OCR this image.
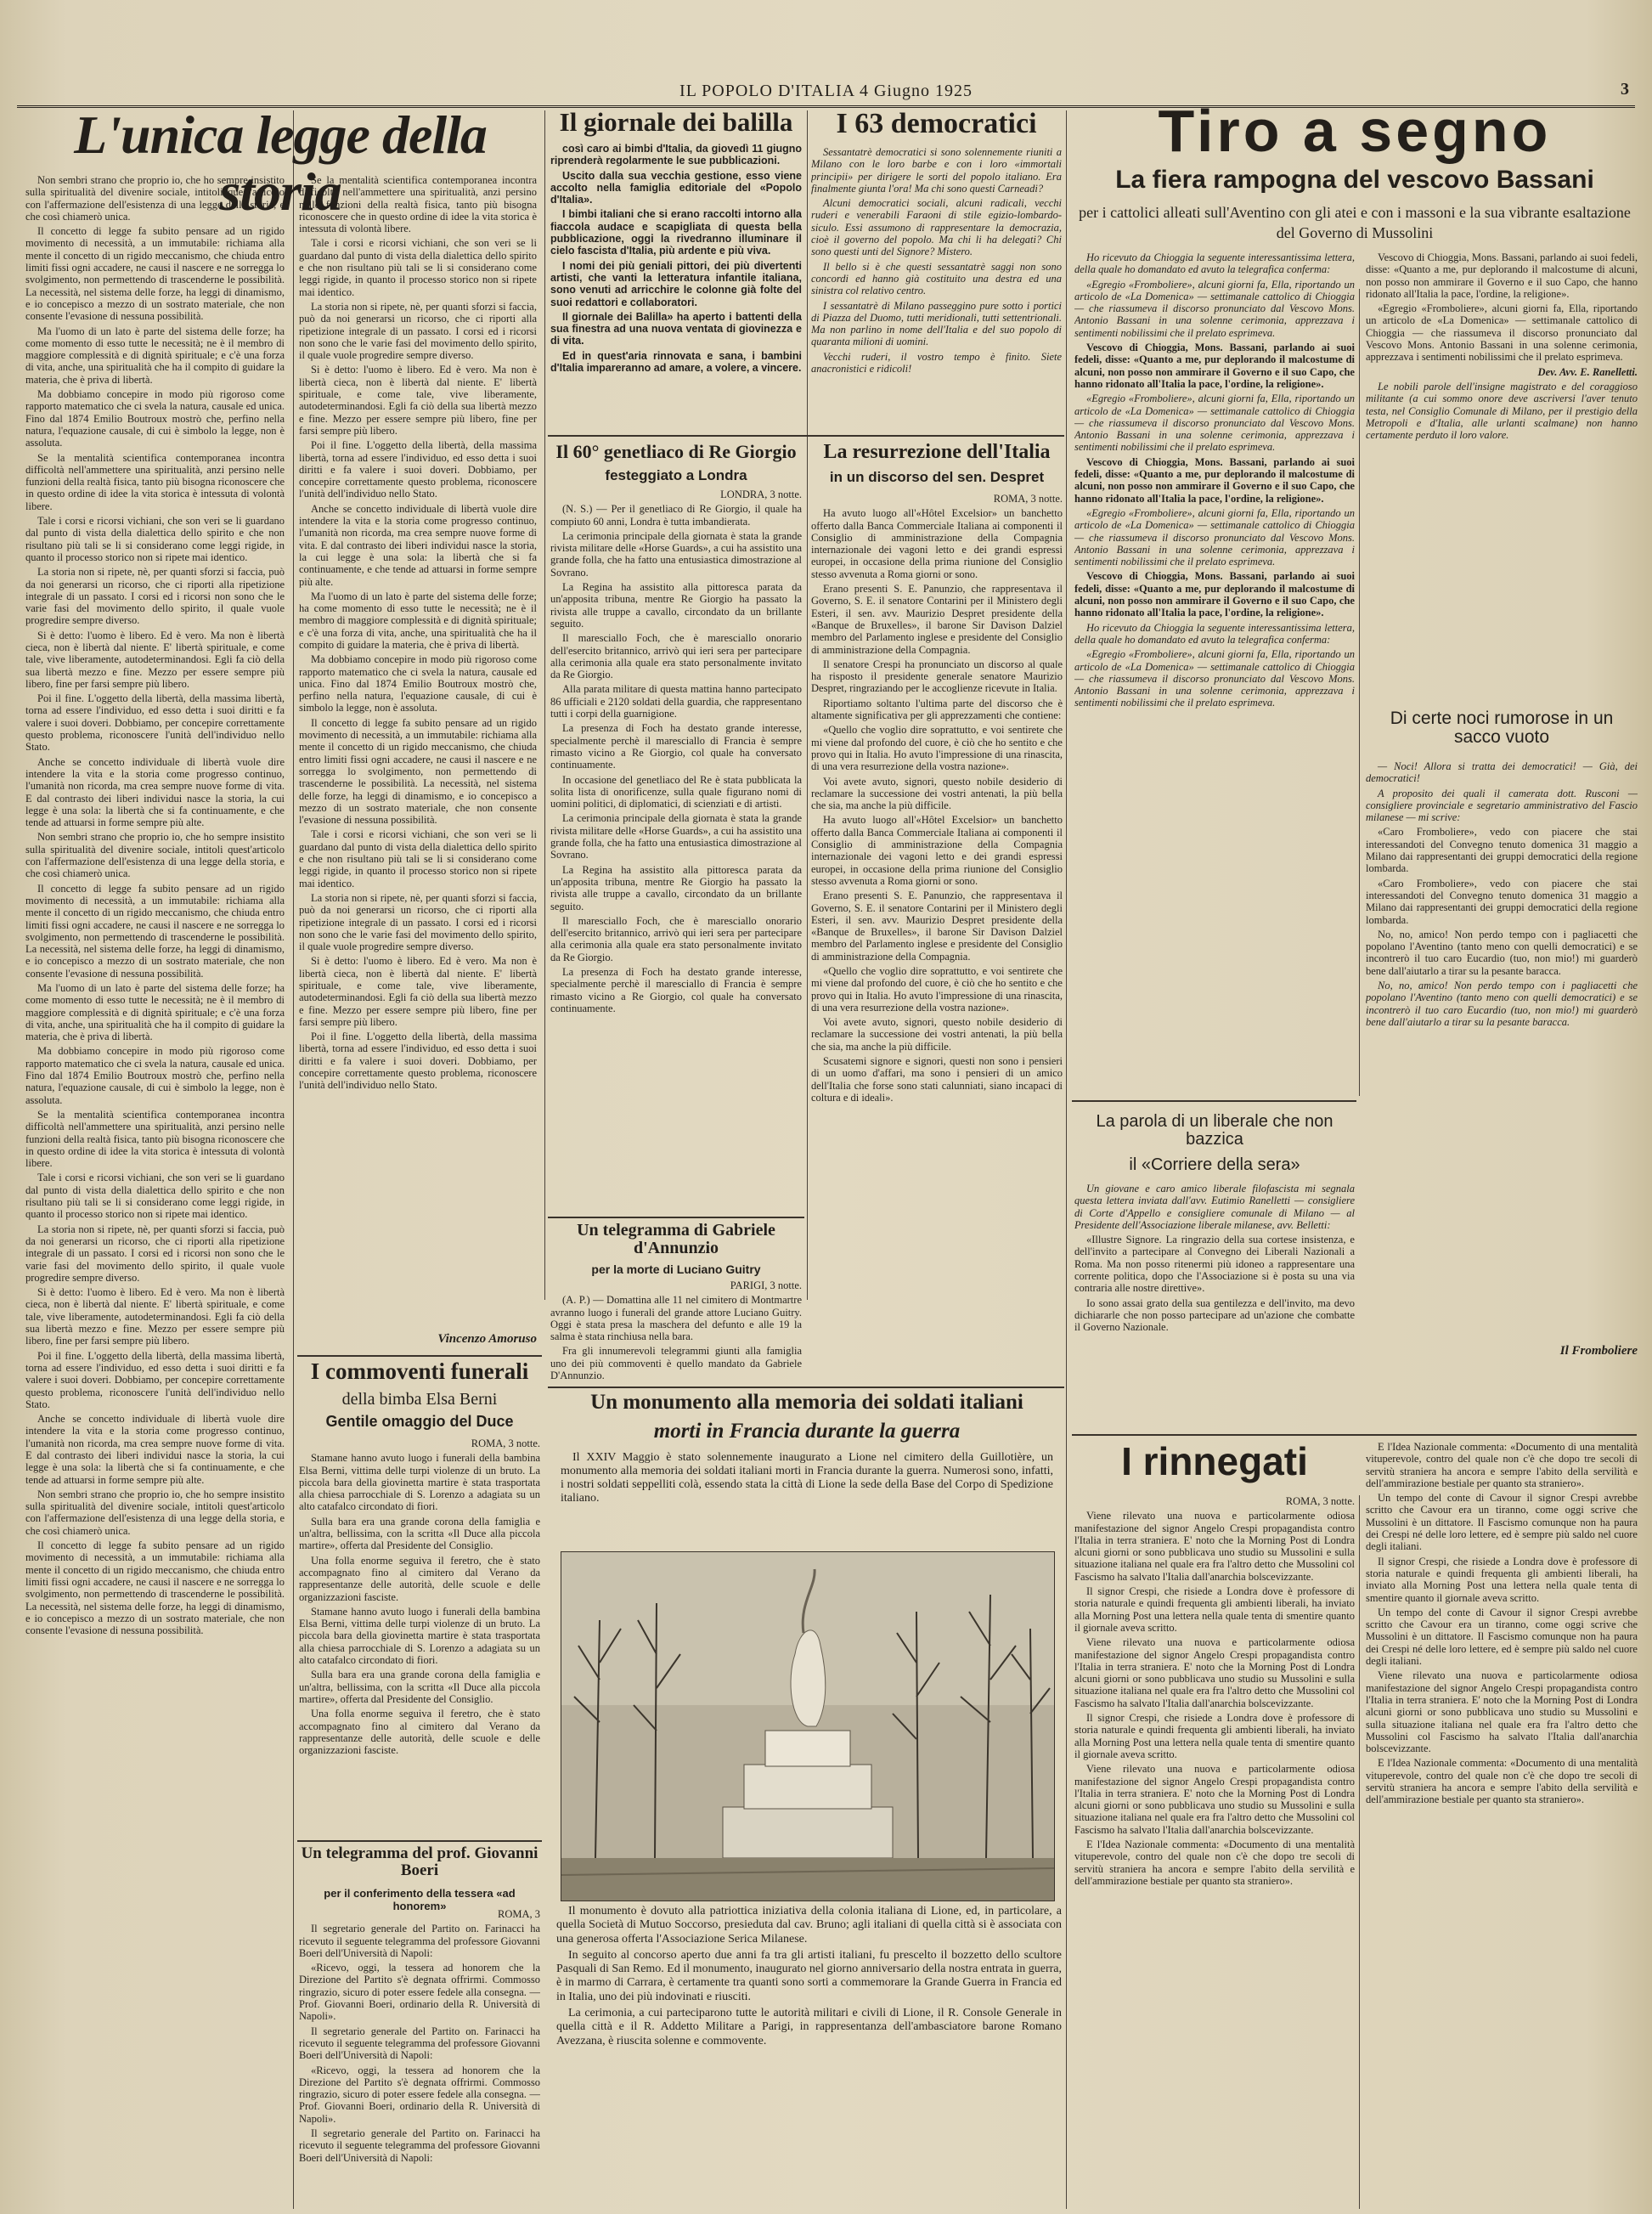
IL POPOLO D'ITALIA 4 Giugno 1925	3
L'unica legge della storia

Non sembri strano che proprio io, che ho sempre insistito sulla spiritualità del divenire sociale, intitoli quest'articolo con l'affermazione dell'esistenza di una legge della storia, e che così chiamerò unica.

Il concetto di legge fa subito pensare ad un rigido movimento di necessità, a un immutabile: richiama alla mente il concetto di un rigido meccanismo, che chiuda entro limiti fissi ogni accadere, ne causi il nascere e ne sorregga lo svolgimento, non permettendo di trascenderne le possibilità. La necessità, nel sistema delle forze, ha leggi di dinamismo, e io concepisco a mezzo di un sostrato materiale, che non consente l'evasione di nessuna possibilità.

Ma l'uomo di un lato è parte del sistema delle forze; ha come momento di esso tutte le necessità; ne è il membro di maggiore complessità e di dignità spirituale; e c'è una forza di vita, anche, una spiritualità che ha il compito di guidare la materia, che è priva di libertà.

Ma dobbiamo concepire in modo più rigoroso come rapporto matematico che ci svela la natura, causale ed unica. Fino dal 1874 Emilio Boutroux mostrò che, perfino nella natura, l'equazione causale, di cui è simbolo la legge, non è assoluta.

Se la mentalità scientifica contemporanea incontra difficoltà nell'ammettere una spiritualità, anzi persino nelle funzioni della realtà fisica, tanto più bisogna riconoscere che in questo ordine di idee la vita storica è intessuta di volontà libere.

Tale i corsi e ricorsi vichiani, che son veri se li guardano dal punto di vista della dialettica dello spirito e che non risultano più tali se li si considerano come leggi rigide, in quanto il processo storico non si ripete mai identico.

La storia non si ripete, nè, per quanti sforzi si faccia, può da noi generarsi un ricorso, che ci riporti alla ripetizione integrale di un passato. I corsi ed i ricorsi non sono che le varie fasi del movimento dello spirito, il quale vuole progredire sempre diverso.

Si è detto: l'uomo è libero. Ed è vero. Ma non è libertà cieca, non è libertà dal niente. E' libertà spirituale, e come tale, vive liberamente, autodeterminandosi. Egli fa ciò della sua libertà mezzo e fine. Mezzo per essere sempre più libero, fine per farsi sempre più libero.

Poi il fine. L'oggetto della libertà, della massima libertà, torna ad essere l'individuo, ed esso detta i suoi diritti e fa valere i suoi doveri. Dobbiamo, per concepire correttamente questo problema, riconoscere l'unità dell'individuo nello Stato.

Anche se concetto individuale di libertà vuole dire intendere la vita e la storia come progresso continuo, l'umanità non ricorda, ma crea sempre nuove forme di vita. E dal contrasto dei liberi individui nasce la storia, la cui legge è una sola: la libertà che si fa continuamente, e che tende ad attuarsi in forme sempre più alte.

Non sembri strano che proprio io, che ho sempre insistito sulla spiritualità del divenire sociale, intitoli quest'articolo con l'affermazione dell'esistenza di una legge della storia, e che così chiamerò unica.

Il concetto di legge fa subito pensare ad un rigido movimento di necessità, a un immutabile: richiama alla mente il concetto di un rigido meccanismo, che chiuda entro limiti fissi ogni accadere, ne causi il nascere e ne sorregga lo svolgimento, non permettendo di trascenderne le possibilità. La necessità, nel sistema delle forze, ha leggi di dinamismo, e io concepisco a mezzo di un sostrato materiale, che non consente l'evasione di nessuna possibilità.

Ma l'uomo di un lato è parte del sistema delle forze; ha come momento di esso tutte le necessità; ne è il membro di maggiore complessità e di dignità spirituale; e c'è una forza di vita, anche, una spiritualità che ha il compito di guidare la materia, che è priva di libertà.

Ma dobbiamo concepire in modo più rigoroso come rapporto matematico che ci svela la natura, causale ed unica. Fino dal 1874 Emilio Boutroux mostrò che, perfino nella natura, l'equazione causale, di cui è simbolo la legge, non è assoluta.

Se la mentalità scientifica contemporanea incontra difficoltà nell'ammettere una spiritualità, anzi persino nelle funzioni della realtà fisica, tanto più bisogna riconoscere che in questo ordine di idee la vita storica è intessuta di volontà libere.

Tale i corsi e ricorsi vichiani, che son veri se li guardano dal punto di vista della dialettica dello spirito e che non risultano più tali se li si considerano come leggi rigide, in quanto il processo storico non si ripete mai identico.

La storia non si ripete, nè, per quanti sforzi si faccia, può da noi generarsi un ricorso, che ci riporti alla ripetizione integrale di un passato. I corsi ed i ricorsi non sono che le varie fasi del movimento dello spirito, il quale vuole progredire sempre diverso.

Si è detto: l'uomo è libero. Ed è vero. Ma non è libertà cieca, non è libertà dal niente. E' libertà spirituale, e come tale, vive liberamente, autodeterminandosi. Egli fa ciò della sua libertà mezzo e fine. Mezzo per essere sempre più libero, fine per farsi sempre più libero.

Poi il fine. L'oggetto della libertà, della massima libertà, torna ad essere l'individuo, ed esso detta i suoi diritti e fa valere i suoi doveri. Dobbiamo, per concepire correttamente questo problema, riconoscere l'unità dell'individuo nello Stato.

Anche se concetto individuale di libertà vuole dire intendere la vita e la storia come progresso continuo, l'umanità non ricorda, ma crea sempre nuove forme di vita. E dal contrasto dei liberi individui nasce la storia, la cui legge è una sola: la libertà che si fa continuamente, e che tende ad attuarsi in forme sempre più alte.

Non sembri strano che proprio io, che ho sempre insistito sulla spiritualità del divenire sociale, intitoli quest'articolo con l'affermazione dell'esistenza di una legge della storia, e che così chiamerò unica.

Il concetto di legge fa subito pensare ad un rigido movimento di necessità, a un immutabile: richiama alla mente il concetto di un rigido meccanismo, che chiuda entro limiti fissi ogni accadere, ne causi il nascere e ne sorregga lo svolgimento, non permettendo di trascenderne le possibilità. La necessità, nel sistema delle forze, ha leggi di dinamismo, e io concepisco a mezzo di un sostrato materiale, che non consente l'evasione di nessuna possibilità.

Se la mentalità scientifica contemporanea incontra difficoltà nell'ammettere una spiritualità, anzi persino nelle funzioni della realtà fisica, tanto più bisogna riconoscere che in questo ordine di idee la vita storica è intessuta di volontà libere.

Tale i corsi e ricorsi vichiani, che son veri se li guardano dal punto di vista della dialettica dello spirito e che non risultano più tali se li si considerano come leggi rigide, in quanto il processo storico non si ripete mai identico.

La storia non si ripete, nè, per quanti sforzi si faccia, può da noi generarsi un ricorso, che ci riporti alla ripetizione integrale di un passato. I corsi ed i ricorsi non sono che le varie fasi del movimento dello spirito, il quale vuole progredire sempre diverso.

Si è detto: l'uomo è libero. Ed è vero. Ma non è libertà cieca, non è libertà dal niente. E' libertà spirituale, e come tale, vive liberamente, autodeterminandosi. Egli fa ciò della sua libertà mezzo e fine. Mezzo per essere sempre più libero, fine per farsi sempre più libero.

Poi il fine. L'oggetto della libertà, della massima libertà, torna ad essere l'individuo, ed esso detta i suoi diritti e fa valere i suoi doveri. Dobbiamo, per concepire correttamente questo problema, riconoscere l'unità dell'individuo nello Stato.

Anche se concetto individuale di libertà vuole dire intendere la vita e la storia come progresso continuo, l'umanità non ricorda, ma crea sempre nuove forme di vita. E dal contrasto dei liberi individui nasce la storia, la cui legge è una sola: la libertà che si fa continuamente, e che tende ad attuarsi in forme sempre più alte.

Ma l'uomo di un lato è parte del sistema delle forze; ha come momento di esso tutte le necessità; ne è il membro di maggiore complessità e di dignità spirituale; e c'è una forza di vita, anche, una spiritualità che ha il compito di guidare la materia, che è priva di libertà.

Ma dobbiamo concepire in modo più rigoroso come rapporto matematico che ci svela la natura, causale ed unica. Fino dal 1874 Emilio Boutroux mostrò che, perfino nella natura, l'equazione causale, di cui è simbolo la legge, non è assoluta.

Il concetto di legge fa subito pensare ad un rigido movimento di necessità, a un immutabile: richiama alla mente il concetto di un rigido meccanismo, che chiuda entro limiti fissi ogni accadere, ne causi il nascere e ne sorregga lo svolgimento, non permettendo di trascenderne le possibilità. La necessità, nel sistema delle forze, ha leggi di dinamismo, e io concepisco a mezzo di un sostrato materiale, che non consente l'evasione di nessuna possibilità.

Tale i corsi e ricorsi vichiani, che son veri se li guardano dal punto di vista della dialettica dello spirito e che non risultano più tali se li si considerano come leggi rigide, in quanto il processo storico non si ripete mai identico.

La storia non si ripete, nè, per quanti sforzi si faccia, può da noi generarsi un ricorso, che ci riporti alla ripetizione integrale di un passato. I corsi ed i ricorsi non sono che le varie fasi del movimento dello spirito, il quale vuole progredire sempre diverso.

Si è detto: l'uomo è libero. Ed è vero. Ma non è libertà cieca, non è libertà dal niente. E' libertà spirituale, e come tale, vive liberamente, autodeterminandosi. Egli fa ciò della sua libertà mezzo e fine. Mezzo per essere sempre più libero, fine per farsi sempre più libero.

Poi il fine. L'oggetto della libertà, della massima libertà, torna ad essere l'individuo, ed esso detta i suoi diritti e fa valere i suoi doveri. Dobbiamo, per concepire correttamente questo problema, riconoscere l'unità dell'individuo nello Stato.

Vincenzo Amoruso
I commoventi funerali
della bimba Elsa Berni
Gentile omaggio del Duce

ROMA, 3 notte.

Stamane hanno avuto luogo i funerali della bambina Elsa Berni, vittima delle turpi violenze di un bruto. La piccola bara della giovinetta martire è stata trasportata alla chiesa parrocchiale di S. Lorenzo a adagiata su un alto catafalco circondato di fiori.

Sulla bara era una grande corona della famiglia e un'altra, bellissima, con la scritta «Il Duce alla piccola martire», offerta dal Presidente del Consiglio.

Una folla enorme seguiva il feretro, che è stato accompagnato fino al cimitero dal Verano da rappresentanze delle autorità, delle scuole e delle organizzazioni fasciste.

Stamane hanno avuto luogo i funerali della bambina Elsa Berni, vittima delle turpi violenze di un bruto. La piccola bara della giovinetta martire è stata trasportata alla chiesa parrocchiale di S. Lorenzo a adagiata su un alto catafalco circondato di fiori.

Sulla bara era una grande corona della famiglia e un'altra, bellissima, con la scritta «Il Duce alla piccola martire», offerta dal Presidente del Consiglio.

Una folla enorme seguiva il feretro, che è stato accompagnato fino al cimitero dal Verano da rappresentanze delle autorità, delle scuole e delle organizzazioni fasciste.

Un telegramma del prof. Giovanni Boeri
per il conferimento della tessera «ad honorem»

ROMA, 3

Il segretario generale del Partito on. Farinacci ha ricevuto il seguente telegramma del professore Giovanni Boeri dell'Università di Napoli:

«Ricevo, oggi, la tessera ad honorem che la Direzione del Partito s'è degnata offrirmi. Commosso ringrazio, sicuro di poter essere fedele alla consegna. — Prof. Giovanni Boeri, ordinario della R. Università di Napoli».

Il segretario generale del Partito on. Farinacci ha ricevuto il seguente telegramma del professore Giovanni Boeri dell'Università di Napoli:

«Ricevo, oggi, la tessera ad honorem che la Direzione del Partito s'è degnata offrirmi. Commosso ringrazio, sicuro di poter essere fedele alla consegna. — Prof. Giovanni Boeri, ordinario della R. Università di Napoli».

Il segretario generale del Partito on. Farinacci ha ricevuto il seguente telegramma del professore Giovanni Boeri dell'Università di Napoli:

Il giornale dei balilla

così caro ai bimbi d'Italia, da giovedì 11 giugno riprenderà regolarmente le sue pubblicazioni.

Uscito dalla sua vecchia gestione, esso viene accolto nella famiglia editoriale del «Popolo d'Italia».

I bimbi italiani che si erano raccolti intorno alla fiaccola audace e scapigliata di questa bella pubblicazione, oggi la rivedranno illuminare il cielo fascista d'Italia, più ardente e più viva.

I nomi dei più geniali pittori, dei più divertenti artisti, che vanti la letteratura infantile italiana, sono venuti ad arricchire le colonne già folte del suoi redattori e collaboratori.

Il giornale dei Balilla» ha aperto i battenti della sua finestra ad una nuova ventata di giovinezza e di vita.

Ed in quest'aria rinnovata e sana, i bambini d'Italia impareranno ad amare, a volere, a vincere.

I 63 democratici

Sessantatrè democratici si sono solennemente riuniti a Milano con le loro barbe e con i loro «immortali principii» per dirigere le sorti del popolo italiano. Era finalmente giunta l'ora! Ma chi sono questi Carneadi?

Alcuni democratici sociali, alcuni radicali, vecchi ruderi e venerabili Faraoni di stile egizio-lombardo-siculo. Essi assumono di rappresentare la democrazia, cioè il governo del popolo. Ma chi li ha delegati? Chi sono questi unti del Signore? Mistero.

Il bello si è che questi sessantatrè saggi non sono concordi ed hanno già costituito una destra ed una sinistra col relativo centro.

I sessantatrè di Milano passeggino pure sotto i portici di Piazza del Duomo, tutti meridionali, tutti settentrionali. Ma non parlino in nome dell'Italia e del suo popolo di quaranta milioni di uomini.

Vecchi ruderi, il vostro tempo è finito. Siete anacronistici e ridicoli!

Il 60° genetliaco di Re Giorgio
festeggiato a Londra

LONDRA, 3 notte.

(N. S.) — Per il genetliaco di Re Giorgio, il quale ha compiuto 60 anni, Londra è tutta imbandierata.

La cerimonia principale della giornata è stata la grande rivista militare delle «Horse Guards», a cui ha assistito una grande folla, che ha fatto una entusiastica dimostrazione al Sovrano.

La Regina ha assistito alla pittoresca parata da un'apposita tribuna, mentre Re Giorgio ha passato la rivista alle truppe a cavallo, circondato da un brillante seguito.

Il maresciallo Foch, che è maresciallo onorario dell'esercito britannico, arrivò qui ieri sera per partecipare alla cerimonia alla quale era stato personalmente invitato da Re Giorgio.

Alla parata militare di questa mattina hanno partecipato 86 ufficiali e 2120 soldati della guardia, che rappresentano tutti i corpi della guarnigione.

La presenza di Foch ha destato grande interesse, specialmente perchè il maresciallo di Francia è sempre rimasto vicino a Re Giorgio, col quale ha conversato continuamente.

In occasione del genetliaco del Re è stata pubblicata la solita lista di onorificenze, sulla quale figurano nomi di uomini politici, di diplomatici, di scienziati e di artisti.

La cerimonia principale della giornata è stata la grande rivista militare delle «Horse Guards», a cui ha assistito una grande folla, che ha fatto una entusiastica dimostrazione al Sovrano.

La Regina ha assistito alla pittoresca parata da un'apposita tribuna, mentre Re Giorgio ha passato la rivista alle truppe a cavallo, circondato da un brillante seguito.

Il maresciallo Foch, che è maresciallo onorario dell'esercito britannico, arrivò qui ieri sera per partecipare alla cerimonia alla quale era stato personalmente invitato da Re Giorgio.

La presenza di Foch ha destato grande interesse, specialmente perchè il maresciallo di Francia è sempre rimasto vicino a Re Giorgio, col quale ha conversato continuamente.

Un telegramma di Gabriele d'Annunzio
per la morte di Luciano Guitry

PARIGI, 3 notte.

(A. P.) — Domattina alle 11 nel cimitero di Montmartre avranno luogo i funerali del grande attore Luciano Guitry. Oggi è stata presa la maschera del defunto e alle 19 la salma è stata rinchiusa nella bara.

Fra gli innumerevoli telegrammi giunti alla famiglia uno dei più commoventi è quello mandato da Gabriele D'Annunzio.

La resurrezione dell'Italia
in un discorso del sen. Despret

ROMA, 3 notte.

Ha avuto luogo all'«Hôtel Excelsior» un banchetto offerto dalla Banca Commerciale Italiana ai componenti il Consiglio di amministrazione della Compagnia internazionale dei vagoni letto e dei grandi espressi europei, in occasione della prima riunione del Consiglio stesso avvenuta a Roma giorni or sono.

Erano presenti S. E. Panunzio, che rappresentava il Governo, S. E. il senatore Contarini per il Ministero degli Esteri, il sen. avv. Maurizio Despret presidente della «Banque de Bruxelles», il barone Sir Davison Dalziel membro del Parlamento inglese e presidente del Consiglio di amministrazione della Compagnia.

Il senatore Crespi ha pronunciato un discorso al quale ha risposto il presidente generale senatore Maurizio Despret, ringraziando per le accoglienze ricevute in Italia.

Riportiamo soltanto l'ultima parte del discorso che è altamente significativa per gli apprezzamenti che contiene:

«Quello che voglio dire soprattutto, e voi sentirete che mi viene dal profondo del cuore, è ciò che ho sentito e che provo qui in Italia. Ho avuto l'impressione di una rinascita, di una vera resurrezione della vostra nazione».

Voi avete avuto, signori, questo nobile desiderio di reclamare la successione dei vostri antenati, la più bella che sia, ma anche la più difficile.

Ha avuto luogo all'«Hôtel Excelsior» un banchetto offerto dalla Banca Commerciale Italiana ai componenti il Consiglio di amministrazione della Compagnia internazionale dei vagoni letto e dei grandi espressi europei, in occasione della prima riunione del Consiglio stesso avvenuta a Roma giorni or sono.

Erano presenti S. E. Panunzio, che rappresentava il Governo, S. E. il senatore Contarini per il Ministero degli Esteri, il sen. avv. Maurizio Despret presidente della «Banque de Bruxelles», il barone Sir Davison Dalziel membro del Parlamento inglese e presidente del Consiglio di amministrazione della Compagnia.

«Quello che voglio dire soprattutto, e voi sentirete che mi viene dal profondo del cuore, è ciò che ho sentito e che provo qui in Italia. Ho avuto l'impressione di una rinascita, di una vera resurrezione della vostra nazione».

Voi avete avuto, signori, questo nobile desiderio di reclamare la successione dei vostri antenati, la più bella che sia, ma anche la più difficile.

Scusatemi signore e signori, questi non sono i pensieri di un uomo d'affari, ma sono i pensieri di un amico dell'Italia che forse sono stati calunniati, siano incapaci di coltura e di ideali».

Un monumento alla memoria dei soldati italiani
morti in Francia durante la guerra

Il XXIV Maggio è stato solennemente inaugurato a Lione nel cimitero della Guillotière, un monumento alla memoria dei soldati italiani morti in Francia durante la guerra. Numerosi sono, infatti, i nostri soldati seppelliti colà, essendo stata la città di Lione la sede della Base del Corpo di Spedizione italiano.

Il monumento è dovuto alla patriottica iniziativa della colonia italiana di Lione, ed, in particolare, a quella Società di Mutuo Soccorso, presieduta dal cav. Bruno; agli italiani di quella città si è associata con una generosa offerta l'Associazione Serica Milanese.

In seguito al concorso aperto due anni fa tra gli artisti italiani, fu prescelto il bozzetto dello scultore Pasquali di San Remo. Ed il monumento, inaugurato nel giorno anniversario della nostra entrata in guerra, è in marmo di Carrara, è certamente tra quanti sono sorti a commemorare la Grande Guerra in Francia ed in Italia, uno dei più indovinati e riusciti.

La cerimonia, a cui parteciparono tutte le autorità militari e civili di Lione, il R. Console Generale in quella città e il R. Addetto Militare a Parigi, in rappresentanza dell'ambasciatore barone Romano Avezzana, è riuscita solenne e commovente.

Tiro a segno
La fiera rampogna del vescovo Bassani
per i cattolici alleati sull'Aventino con gli atei e con i massoni e la sua vibrante esaltazione del Governo di Mussolini

Ho ricevuto da Chioggia la seguente interessantissima lettera, della quale ho domandato ed avuto la telegrafica conferma:

«Egregio «Fromboliere», alcuni giorni fa, Ella, riportando un articolo de «La Domenica» — settimanale cattolico di Chioggia — che riassumeva il discorso pronunciato dal Vescovo Mons. Antonio Bassani in una solenne cerimonia, apprezzava i sentimenti nobilissimi che il prelato esprimeva.

Vescovo di Chioggia, Mons. Bassani, parlando ai suoi fedeli, disse: «Quanto a me, pur deplorando il malcostume di alcuni, non posso non ammirare il Governo e il suo Capo, che hanno ridonato all'Italia la pace, l'ordine, la religione».

«Egregio «Fromboliere», alcuni giorni fa, Ella, riportando un articolo de «La Domenica» — settimanale cattolico di Chioggia — che riassumeva il discorso pronunciato dal Vescovo Mons. Antonio Bassani in una solenne cerimonia, apprezzava i sentimenti nobilissimi che il prelato esprimeva.

Vescovo di Chioggia, Mons. Bassani, parlando ai suoi fedeli, disse: «Quanto a me, pur deplorando il malcostume di alcuni, non posso non ammirare il Governo e il suo Capo, che hanno ridonato all'Italia la pace, l'ordine, la religione».

«Egregio «Fromboliere», alcuni giorni fa, Ella, riportando un articolo de «La Domenica» — settimanale cattolico di Chioggia — che riassumeva il discorso pronunciato dal Vescovo Mons. Antonio Bassani in una solenne cerimonia, apprezzava i sentimenti nobilissimi che il prelato esprimeva.

Vescovo di Chioggia, Mons. Bassani, parlando ai suoi fedeli, disse: «Quanto a me, pur deplorando il malcostume di alcuni, non posso non ammirare il Governo e il suo Capo, che hanno ridonato all'Italia la pace, l'ordine, la religione».

Ho ricevuto da Chioggia la seguente interessantissima lettera, della quale ho domandato ed avuto la telegrafica conferma:

«Egregio «Fromboliere», alcuni giorni fa, Ella, riportando un articolo de «La Domenica» — settimanale cattolico di Chioggia — che riassumeva il discorso pronunciato dal Vescovo Mons. Antonio Bassani in una solenne cerimonia, apprezzava i sentimenti nobilissimi che il prelato esprimeva.

Vescovo di Chioggia, Mons. Bassani, parlando ai suoi fedeli, disse: «Quanto a me, pur deplorando il malcostume di alcuni, non posso non ammirare il Governo e il suo Capo, che hanno ridonato all'Italia la pace, l'ordine, la religione».

«Egregio «Fromboliere», alcuni giorni fa, Ella, riportando un articolo de «La Domenica» — settimanale cattolico di Chioggia — che riassumeva il discorso pronunciato dal Vescovo Mons. Antonio Bassani in una solenne cerimonia, apprezzava i sentimenti nobilissimi che il prelato esprimeva.

Dev. Avv. E. Ranelletti.

Le nobili parole dell'insigne magistrato e del coraggioso militante (a cui sommo onore deve ascriversi l'aver tenuto testa, nel Consiglio Comunale di Milano, per il prestigio della Metropoli e d'Italia, alle urlanti scalmane) non hanno certamente perduto il loro valore.

Di certe noci rumorose in un sacco vuoto

— Noci! Allora si tratta dei democratici! — Già, dei democratici!

A proposito dei quali il camerata dott. Rusconi — consigliere provinciale e segretario amministrativo del Fascio milanese — mi scrive:

«Caro Fromboliere», vedo con piacere che stai interessandoti del Convegno tenuto domenica 31 maggio a Milano dai rappresentanti dei gruppi democratici della regione lombarda.

«Caro Fromboliere», vedo con piacere che stai interessandoti del Convegno tenuto domenica 31 maggio a Milano dai rappresentanti dei gruppi democratici della regione lombarda.

No, no, amico! Non perdo tempo con i pagliacetti che popolano l'Aventino (tanto meno con quelli democratici) e se incontrerò il tuo caro Eucardio (tuo, non mio!) mi guarderò bene dall'aiutarlo a tirar su la pesante baracca.

No, no, amico! Non perdo tempo con i pagliacetti che popolano l'Aventino (tanto meno con quelli democratici) e se incontrerò il tuo caro Eucardio (tuo, non mio!) mi guarderò bene dall'aiutarlo a tirar su la pesante baracca.

Il Fromboliere
La parola di un liberale che non bazzica
il «Corriere della sera»

Un giovane e caro amico liberale filofascista mi segnala questa lettera inviata dall'avv. Eutimio Ranelletti — consigliere di Corte d'Appello e consigliere comunale di Milano — al Presidente dell'Associazione liberale milanese, avv. Belletti:

«Illustre Signore. La ringrazio della sua cortese insistenza, e dell'invito a partecipare al Convegno dei Liberali Nazionali a Roma. Ma non posso ritenermi più idoneo a rappresentare una corrente politica, dopo che l'Associazione si è posta su una via contraria alle nostre direttive».

Io sono assai grato della sua gentilezza e dell'invito, ma devo dichiararle che non posso partecipare ad un'azione che combatte il Governo Nazionale.

I rinnegati

ROMA, 3 notte.

Viene rilevato una nuova e particolarmente odiosa manifestazione del signor Angelo Crespi propagandista contro l'Italia in terra straniera. E' noto che la Morning Post di Londra alcuni giorni or sono pubblicava uno studio su Mussolini e sulla situazione italiana nel quale era fra l'altro detto che Mussolini col Fascismo ha salvato l'Italia dall'anarchia bolscevizzante.

Il signor Crespi, che risiede a Londra dove è professore di storia naturale e quindi frequenta gli ambienti liberali, ha inviato alla Morning Post una lettera nella quale tenta di smentire quanto il giornale aveva scritto.

Viene rilevato una nuova e particolarmente odiosa manifestazione del signor Angelo Crespi propagandista contro l'Italia in terra straniera. E' noto che la Morning Post di Londra alcuni giorni or sono pubblicava uno studio su Mussolini e sulla situazione italiana nel quale era fra l'altro detto che Mussolini col Fascismo ha salvato l'Italia dall'anarchia bolscevizzante.

Il signor Crespi, che risiede a Londra dove è professore di storia naturale e quindi frequenta gli ambienti liberali, ha inviato alla Morning Post una lettera nella quale tenta di smentire quanto il giornale aveva scritto.

Viene rilevato una nuova e particolarmente odiosa manifestazione del signor Angelo Crespi propagandista contro l'Italia in terra straniera. E' noto che la Morning Post di Londra alcuni giorni or sono pubblicava uno studio su Mussolini e sulla situazione italiana nel quale era fra l'altro detto che Mussolini col Fascismo ha salvato l'Italia dall'anarchia bolscevizzante.

E l'Idea Nazionale commenta: «Documento di una mentalità vituperevole, contro del quale non c'è che dopo tre secoli di servitù straniera ha ancora e sempre l'abito della servilità e dell'ammirazione bestiale per quanto sta straniero».

E l'Idea Nazionale commenta: «Documento di una mentalità vituperevole, contro del quale non c'è che dopo tre secoli di servitù straniera ha ancora e sempre l'abito della servilità e dell'ammirazione bestiale per quanto sta straniero».

Un tempo del conte di Cavour il signor Crespi avrebbe scritto che Cavour era un tiranno, come oggi scrive che Mussolini è un dittatore. Il Fascismo comunque non ha paura dei Crespi né delle loro lettere, ed è sempre più saldo nel cuore degli italiani.

Il signor Crespi, che risiede a Londra dove è professore di storia naturale e quindi frequenta gli ambienti liberali, ha inviato alla Morning Post una lettera nella quale tenta di smentire quanto il giornale aveva scritto.

Un tempo del conte di Cavour il signor Crespi avrebbe scritto che Cavour era un tiranno, come oggi scrive che Mussolini è un dittatore. Il Fascismo comunque non ha paura dei Crespi né delle loro lettere, ed è sempre più saldo nel cuore degli italiani.

Viene rilevato una nuova e particolarmente odiosa manifestazione del signor Angelo Crespi propagandista contro l'Italia in terra straniera. E' noto che la Morning Post di Londra alcuni giorni or sono pubblicava uno studio su Mussolini e sulla situazione italiana nel quale era fra l'altro detto che Mussolini col Fascismo ha salvato l'Italia dall'anarchia bolscevizzante.

E l'Idea Nazionale commenta: «Documento di una mentalità vituperevole, contro del quale non c'è che dopo tre secoli di servitù straniera ha ancora e sempre l'abito della servilità e dell'ammirazione bestiale per quanto sta straniero».
